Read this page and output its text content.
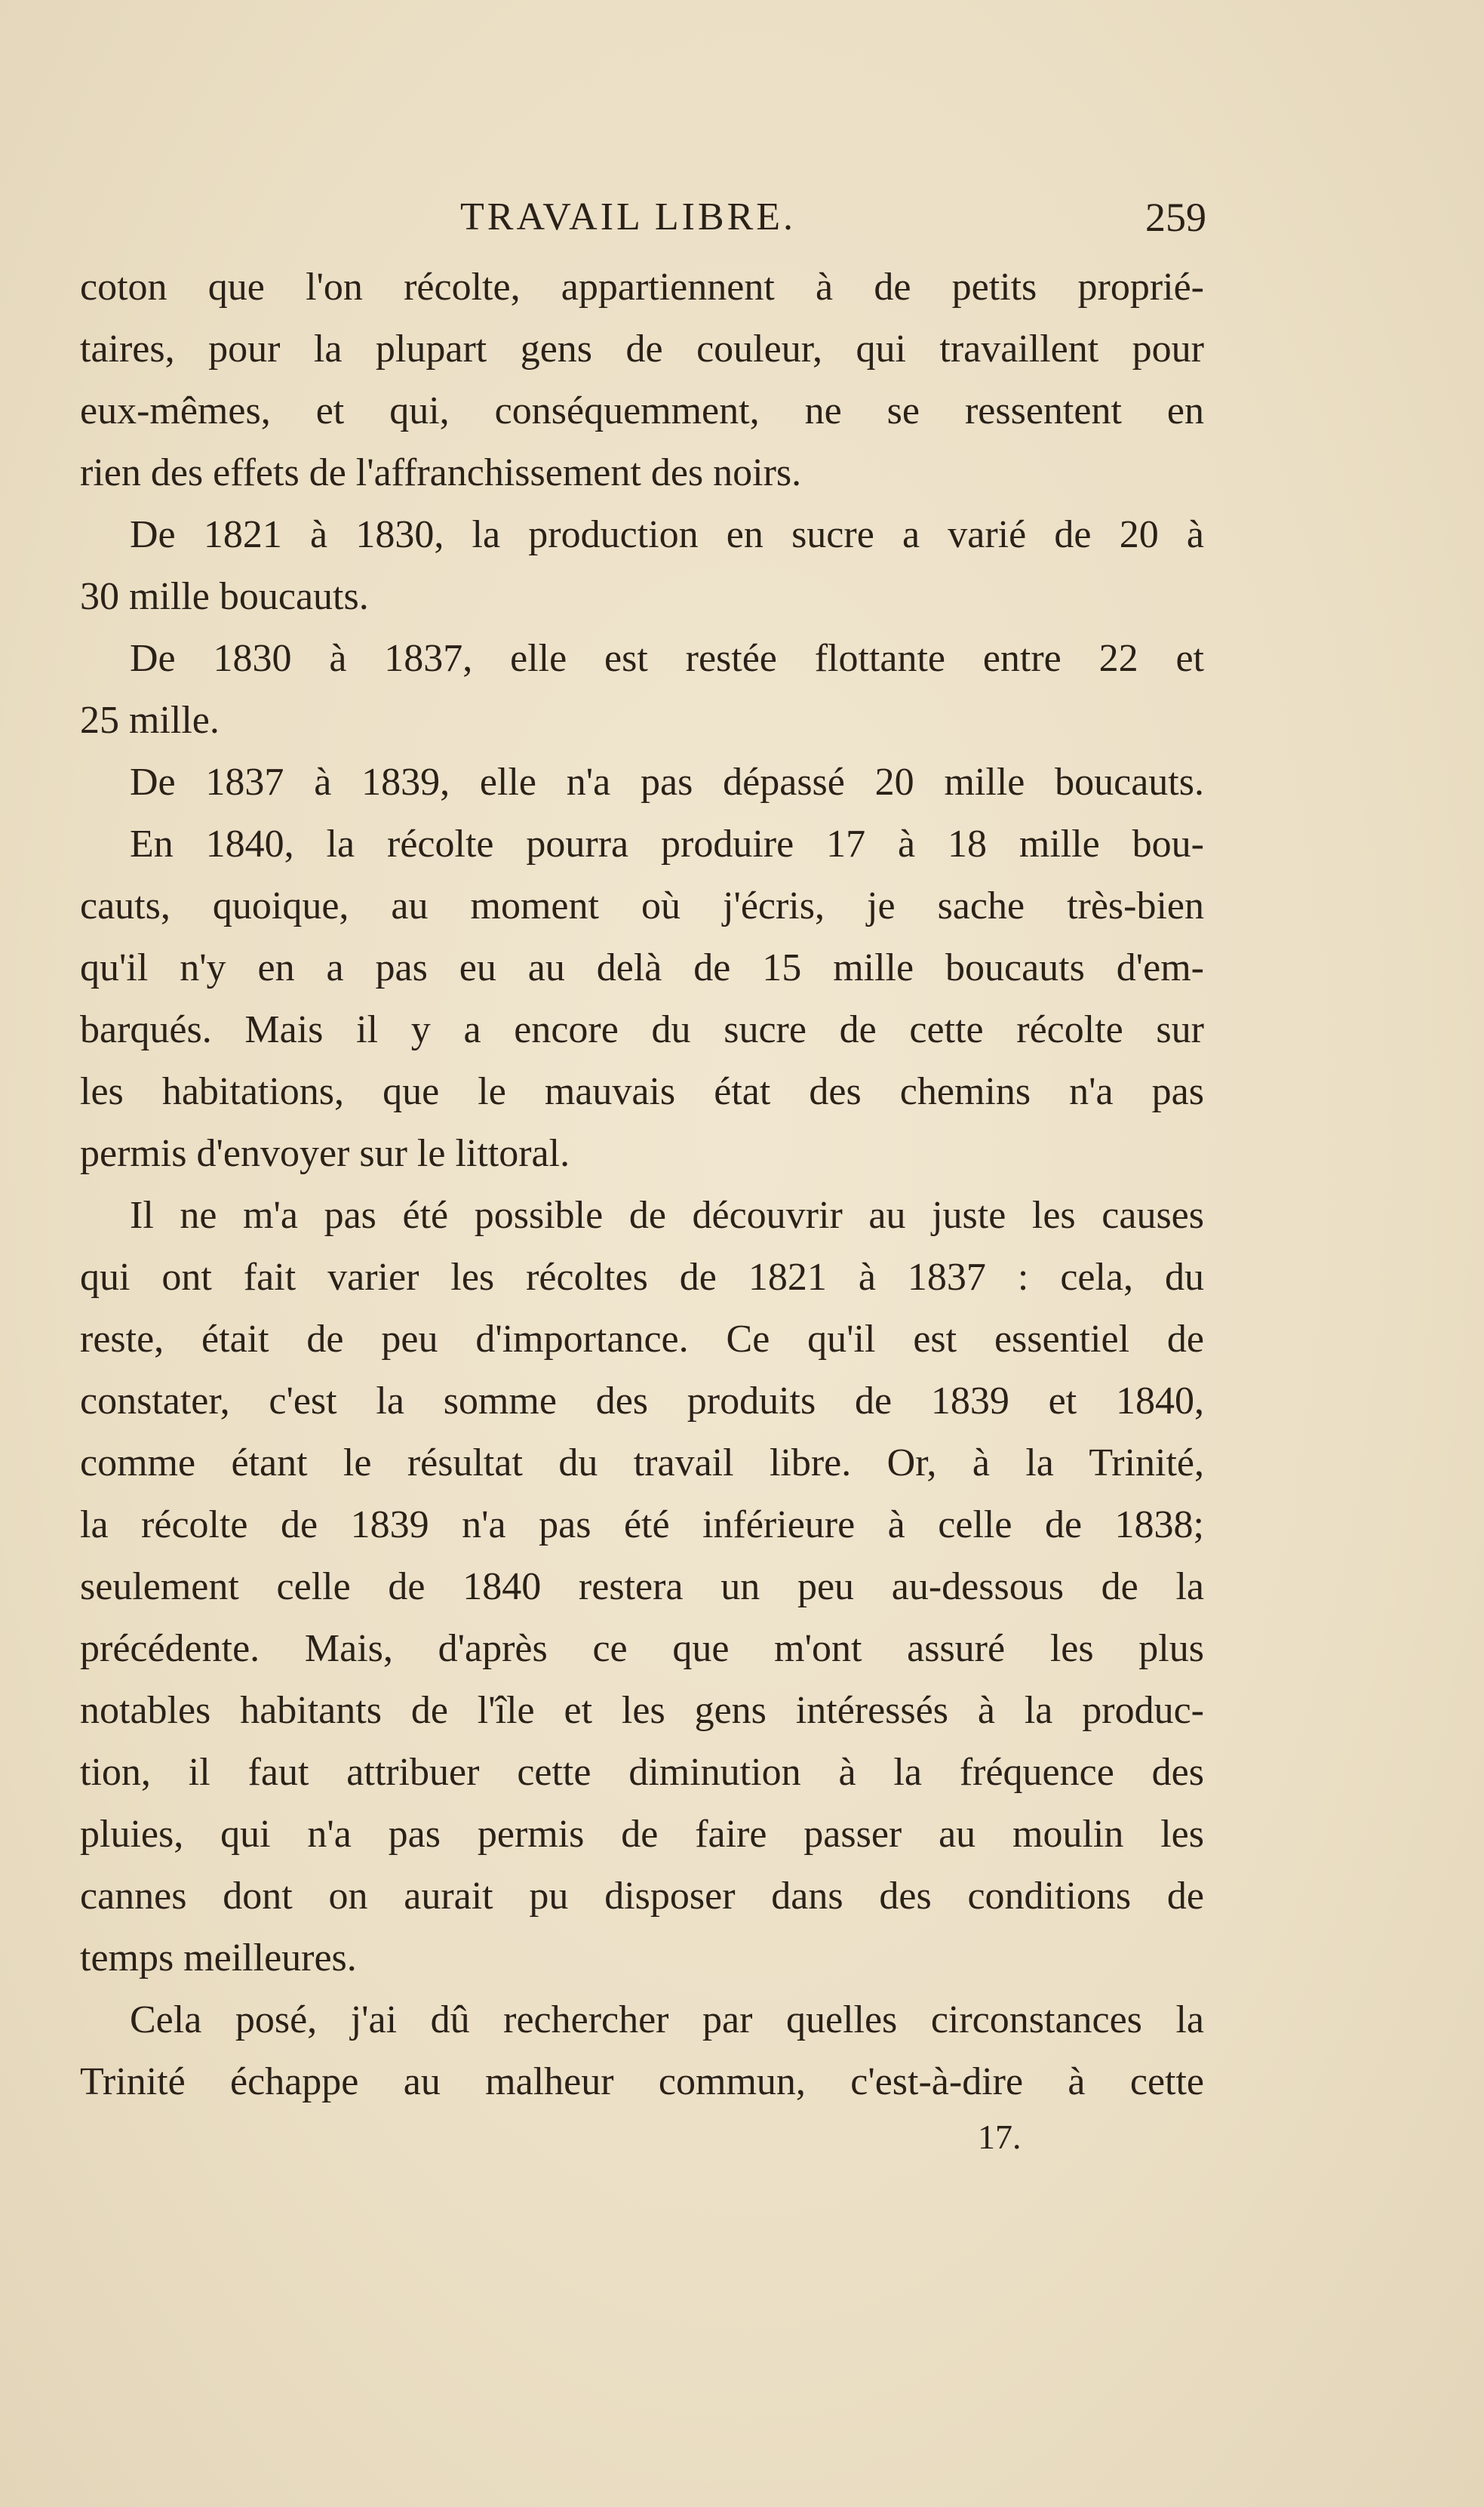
TRAVAIL LIBRE.	259
coton que l'on récolte, appartiennent à de petits proprié-
taires, pour la plupart gens de couleur, qui travaillent pour
eux-mêmes, et qui, conséquemment, ne se ressentent en
rien des effets de l'affranchissement des noirs.
De 1821 à 1830, la production en sucre a varié de 20 à
30 mille boucauts.
De 1830 à 1837, elle est restée flottante entre 22 et
25 mille.
De 1837 à 1839, elle n'a pas dépassé 20 mille boucauts.
En 1840, la récolte pourra produire 17 à 18 mille bou-
cauts, quoique, au moment où j'écris, je sache très-bien
qu'il n'y en a pas eu au delà de 15 mille boucauts d'em-
barqués. Mais il y a encore du sucre de cette récolte sur
les habitations, que le mauvais état des chemins n'a pas
permis d'envoyer sur le littoral.
Il ne m'a pas été possible de découvrir au juste les causes
qui ont fait varier les récoltes de 1821 à 1837 : cela, du
reste, était de peu d'importance. Ce qu'il est essentiel de
constater, c'est la somme des produits de 1839 et 1840,
comme étant le résultat du travail libre. Or, à la Trinité,
la récolte de 1839 n'a pas été inférieure à celle de 1838;
seulement celle de 1840 restera un peu au-dessous de la
précédente. Mais, d'après ce que m'ont assuré les plus
notables habitants de l'île et les gens intéressés à la produc-
tion, il faut attribuer cette diminution à la fréquence des
pluies, qui n'a pas permis de faire passer au moulin les
cannes dont on aurait pu disposer dans des conditions de
temps meilleures.
Cela posé, j'ai dû rechercher par quelles circonstances la
Trinité échappe au malheur commun, c'est-à-dire à cette
17.
